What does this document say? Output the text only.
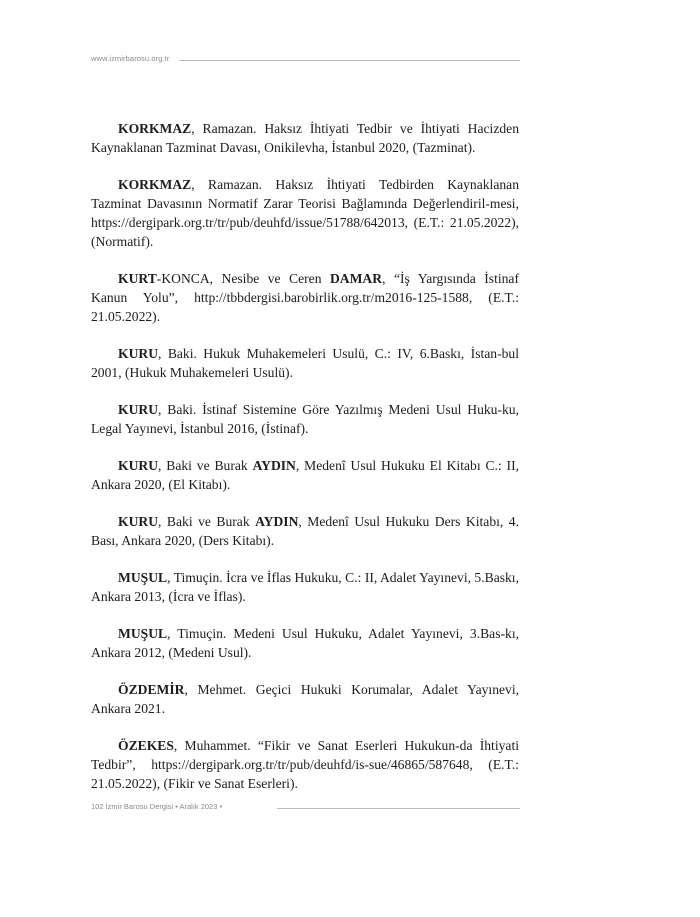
www.izmirbarosu.org.tr

KORKMAZ, Ramazan. Haksız İhtiyati Tedbir ve İhtiyati Hacizden Kaynaklanan Tazminat Davası, Onikilevha, İstanbul 2020, (Tazminat).

KORKMAZ, Ramazan. Haksız İhtiyati Tedbirden Kaynaklanan Tazminat Davasının Normatif Zarar Teorisi Bağlamında Değerlendiril-mesi, https://dergipark.org.tr/tr/pub/deuhfd/issue/51788/642013, (E.T.: 21.05.2022), (Normatif).

KURT-KONCA, Nesibe ve Ceren DAMAR, “İş Yargısında İstinaf Kanun Yolu”, http://tbbdergisi.barobirlik.org.tr/m2016-125-1588, (E.T.: 21.05.2022).

KURU, Baki. Hukuk Muhakemeleri Usulü, C.: IV, 6.Baskı, İstan-bul 2001, (Hukuk Muhakemeleri Usulü).

KURU, Baki. İstinaf Sistemine Göre Yazılmış Medeni Usul Huku-ku, Legal Yayınevi, İstanbul 2016, (İstinaf).

KURU, Baki ve Burak AYDIN, Medenî Usul Hukuku El Kitabı C.: II, Ankara 2020, (El Kitabı).

KURU, Baki ve Burak AYDIN, Medenî Usul Hukuku Ders Kitabı, 4. Bası, Ankara 2020, (Ders Kitabı).

MUŞUL, Timuçin. İcra ve İflas Hukuku, C.: II, Adalet Yayınevi, 5.Baskı, Ankara 2013, (İcra ve İflas).

MUŞUL, Timuçin. Medeni Usul Hukuku, Adalet Yayınevi, 3.Bas-kı, Ankara 2012, (Medeni Usul).

ÖZDEMİR, Mehmet. Geçici Hukuki Korumalar, Adalet Yayınevi, Ankara 2021.

ÖZEKES, Muhammet. “Fikir ve Sanat Eserleri Hukukun-da İhtiyati Tedbir”, https://dergipark.org.tr/tr/pub/deuhfd/is-sue/46865/587648, (E.T.: 21.05.2022), (Fikir ve Sanat Eserleri).

102 İzmir Barosu Dergisi • Aralık 2023 •
